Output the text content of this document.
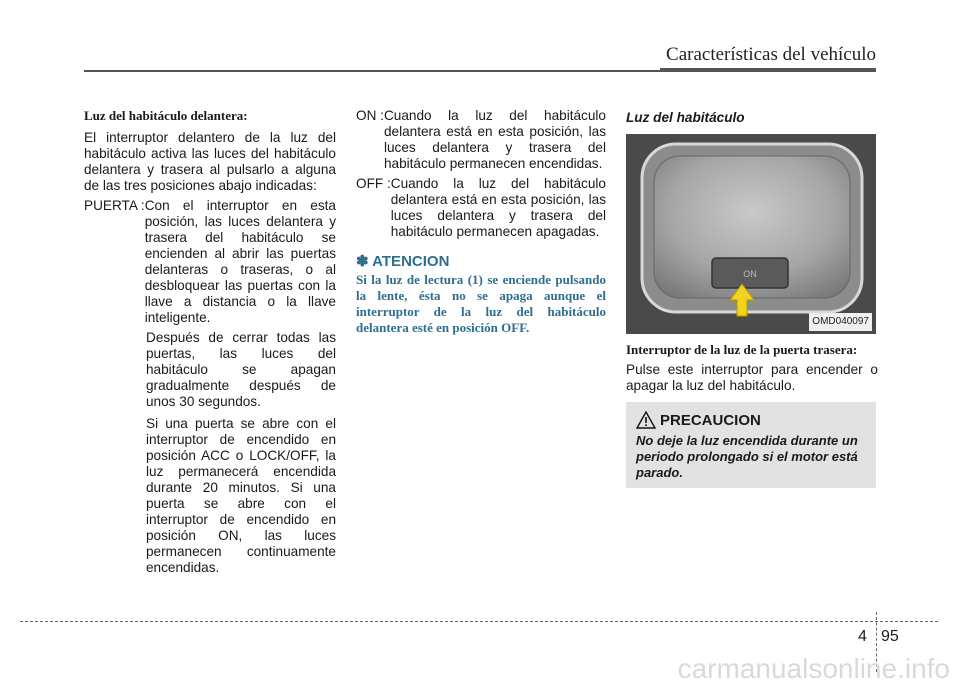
Características del vehículo

Luz del habitáculo delantera:

El interruptor delantero de la luz del habitáculo activa las luces del habitáculo delantera y trasera al pulsarlo a alguna de las tres posiciones abajo indicadas:

PUERTA : Con el interruptor en esta posición, las luces delantera y trasera del habitáculo se encienden al abrir las puertas delanteras o traseras, o al desbloquear las puertas con la llave a distancia o la llave inteligente.

Después de cerrar todas las puertas, las luces del habitáculo se apagan gradualmente después de unos 30 segundos.

Si una puerta se abre con el interruptor de encendido en posición ACC o LOCK/OFF, la luz permanecerá encendida durante 20 minutos. Si una puerta se abre con el interruptor de encendido en posición ON, las luces permanecen continuamente encendidas.

ON : Cuando la luz del habitáculo delantera está en esta posición, las luces delantera y trasera del habitáculo permanecen encendidas.
OFF : Cuando la luz del habitáculo delantera está en esta posición, las luces delantera y trasera del habitáculo permanecen apagadas.

✽ ATENCION

Si la luz de lectura (1) se enciende pulsando la lente, ésta no se apaga aunque el interruptor de la luz del habitáculo delantera esté en posición OFF.

Luz del habitáculo

ON
OMD040097

Interruptor de la luz de la puerta trasera:

Pulse este interruptor para encender o apagar la luz del habitáculo.

PRECAUCION
No deje la luz encendida durante un periodo prolongado si el motor está parado.
4 95
carmanualsonline.info
